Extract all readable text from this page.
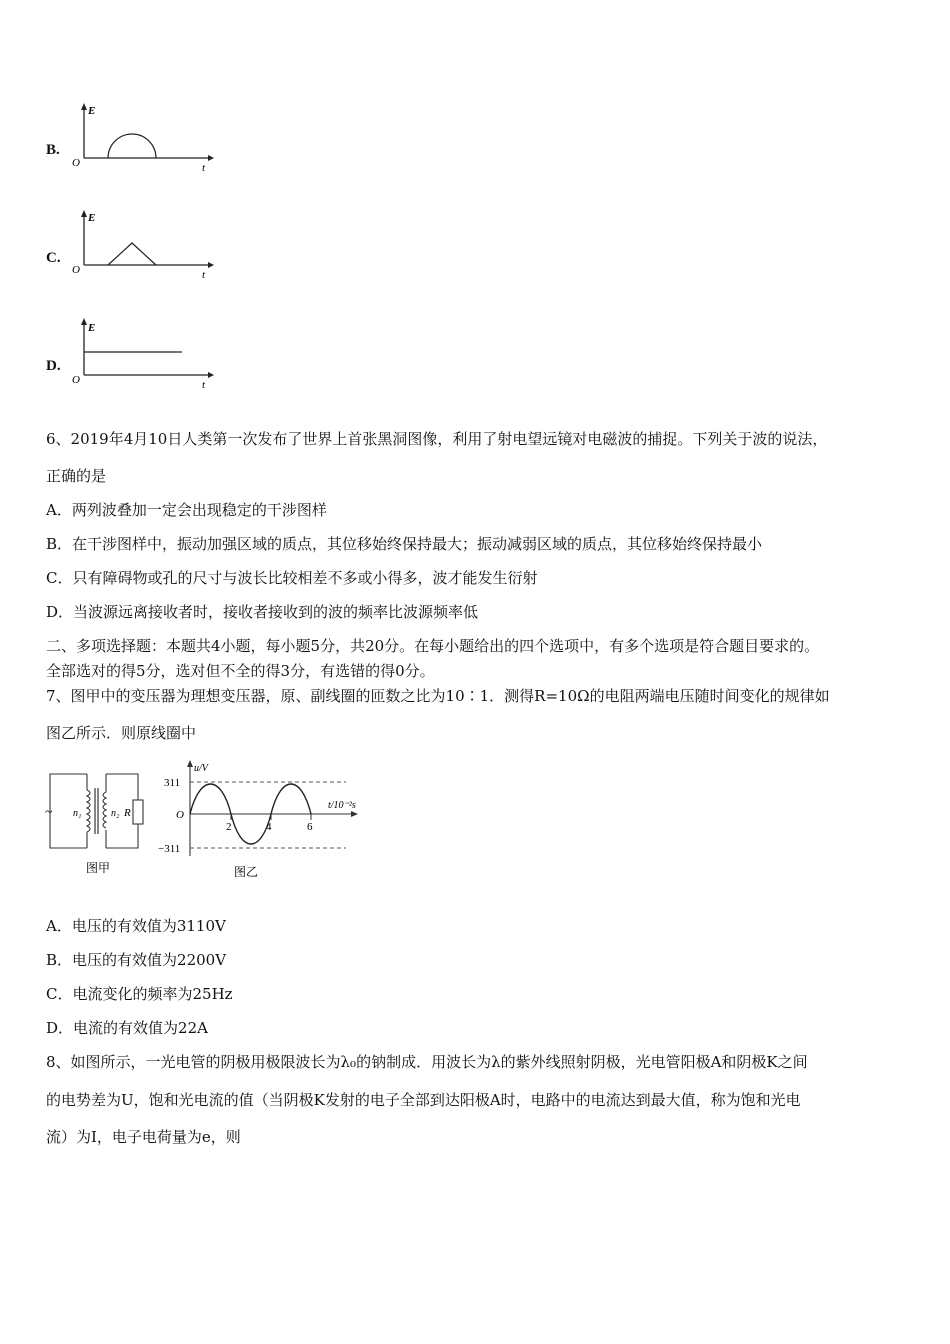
B.
E
t
O
C.
E
t
O
D.
E
t
O
6、2019年4月10日人类第一次发布了世界上首张黑洞图像，利用了射电望远镜对电磁波的捕捉。下列关于波的说法，
正确的是
A．两列波叠加一定会出现稳定的干涉图样
B．在干涉图样中，振动加强区域的质点，其位移始终保持最大；振动减弱区域的质点，其位移始终保持最小
C．只有障碍物或孔的尺寸与波长比较相差不多或小得多，波才能发生衍射
D．当波源远离接收者时，接收者接收到的波的频率比波源频率低
二、多项选择题：本题共4小题，每小题5分，共20分。在每小题给出的四个选项中，有多个选项是符合题目要求的。
全部选对的得5分，选对但不全的得3分，有选错的得0分。
7、图甲中的变压器为理想变压器，原、副线圈的匝数之比为10∶1．测得R=10Ω的电阻两端电压随时间变化的规律如
图乙所示．则原线圈中
~ n₁	n₂ R
图甲
u/V
t/10⁻²s
311
−311
O
2	4	6
图乙
A．电压的有效值为3110V
B．电压的有效值为2200V
C．电流变化的频率为25Hz
D．电流的有效值为22A
8、如图所示，一光电管的阴极用极限波长为λ₀的钠制成．用波长为λ的紫外线照射阴极，光电管阳极A和阴极K之间
的电势差为U，饱和光电流的值（当阴极K发射的电子全部到达阳极A时，电路中的电流达到最大值，称为饱和光电
流）为I，电子电荷量为e，则
